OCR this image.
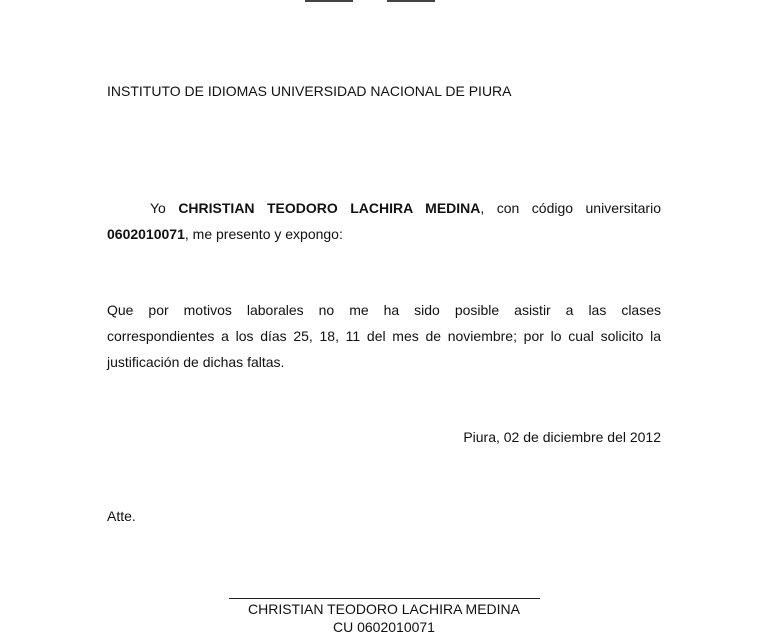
INSTITUTO DE IDIOMAS UNIVERSIDAD NACIONAL DE PIURA
Yo CHRISTIAN TEODORO LACHIRA MEDINA, con código universitario
0602010071, me presento y expongo:
Que por motivos laborales no me ha sido posible asistir a las clases
correspondientes a los días 25, 18, 11 del mes de noviembre; por lo cual solicito la
justificación de dichas faltas.
Piura, 02 de diciembre del 2012
Atte.
CHRISTIAN TEODORO LACHIRA MEDINA
CU 0602010071
